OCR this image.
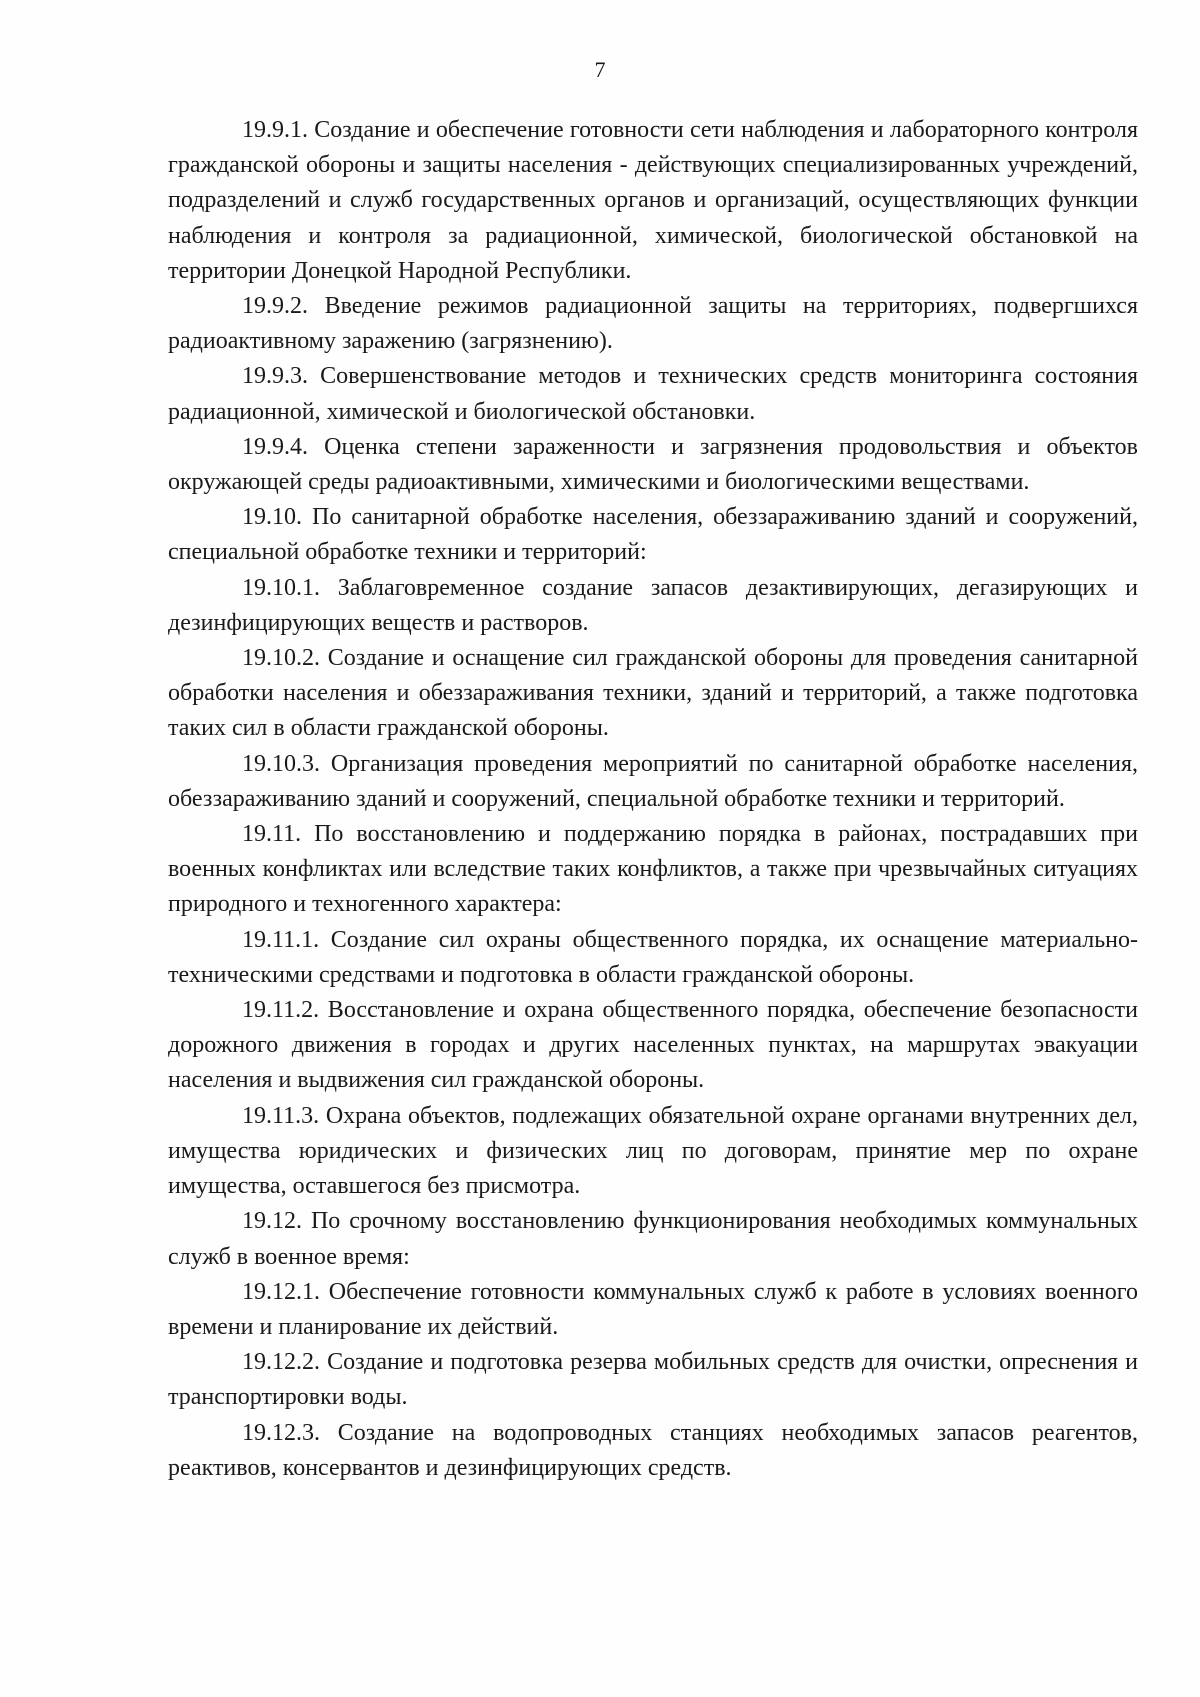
7

19.9.1. Создание и обеспечение готовности сети наблюдения и лабораторного контроля гражданской обороны и защиты населения - действующих специализированных учреждений, подразделений и служб государственных органов и организаций, осуществляющих функции наблюдения и контроля за радиационной, химической, биологической обстановкой на территории Донецкой Народной Республики.

19.9.2. Введение режимов радиационной защиты на территориях, подвергшихся радиоактивному заражению (загрязнению).

19.9.3. Совершенствование методов и технических средств мониторинга состояния радиационной, химической и биологической обстановки.

19.9.4. Оценка степени зараженности и загрязнения продовольствия и объектов окружающей среды радиоактивными, химическими и биологическими веществами.

19.10. По санитарной обработке населения, обеззараживанию зданий и сооружений, специальной обработке техники и территорий:

19.10.1. Заблаговременное создание запасов дезактивирующих, дегазирующих и дезинфицирующих веществ и растворов.

19.10.2. Создание и оснащение сил гражданской обороны для проведения санитарной обработки населения и обеззараживания техники, зданий и территорий, а также подготовка таких сил в области гражданской обороны.

19.10.3. Организация проведения мероприятий по санитарной обработке населения, обеззараживанию зданий и сооружений, специальной обработке техники и территорий.

19.11. По восстановлению и поддержанию порядка в районах, пострадавших при военных конфликтах или вследствие таких конфликтов, а также при чрезвычайных ситуациях природного и техногенного характера:

19.11.1. Создание сил охраны общественного порядка, их оснащение материально-техническими средствами и подготовка в области гражданской обороны.

19.11.2. Восстановление и охрана общественного порядка, обеспечение безопасности дорожного движения в городах и других населенных пунктах, на маршрутах эвакуации населения и выдвижения сил гражданской обороны.

19.11.3. Охрана объектов, подлежащих обязательной охране органами внутренних дел, имущества юридических и физических лиц по договорам, принятие мер по охране имущества, оставшегося без присмотра.

19.12. По срочному восстановлению функционирования необходимых коммунальных служб в военное время:

19.12.1. Обеспечение готовности коммунальных служб к работе в условиях военного времени и планирование их действий.

19.12.2. Создание и подготовка резерва мобильных средств для очистки, опреснения и транспортировки воды.

19.12.3. Создание на водопроводных станциях необходимых запасов реагентов, реактивов, консервантов и дезинфицирующих средств.
